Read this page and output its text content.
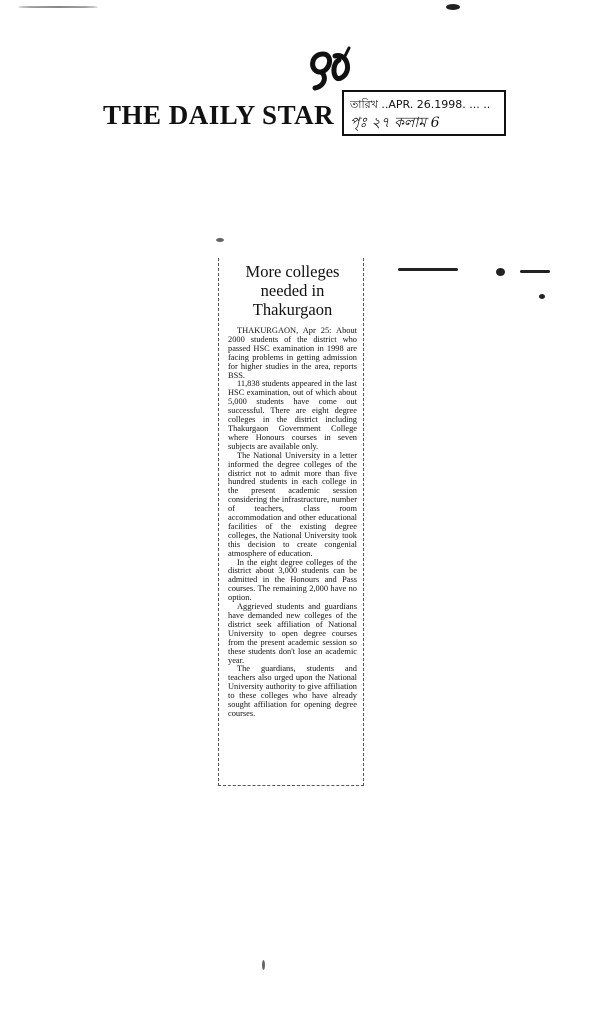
THE DAILY STAR তারিখ ..APR. 26.1998. ... ..
পৃঃ ২৭ কলাম 6
More colleges needed in Thakurgaon

THAKURGAON, Apr 25: About 2000 students of the district who passed HSC examination in 1998 are facing problems in getting admission for higher studies in the area, reports BSS.

11,838 students appeared in the last HSC examination, out of which about 5,000 students have come out successful. There are eight degree colleges in the district including Thakurgaon Government College where Honours courses in seven subjects are available only.

The National University in a letter informed the degree colleges of the district not to admit more than five hundred students in each college in the present academic session considering the infrastructure, number of teachers, class room accommodation and other educational facilities of the existing degree colleges, the National University took this decision to create congenial atmosphere of education.

In the eight degree colleges of the district about 3,000 students can be admitted in the Honours and Pass courses. The remaining 2,000 have no option.

Aggrieved students and guardians have demanded new colleges of the district seek affiliation of National University to open degree courses from the present academic session so these students don't lose an academic year.

The guardians, students and teachers also urged upon the National University authority to give affiliation to these colleges who have already sought affiliation for opening degree courses.
